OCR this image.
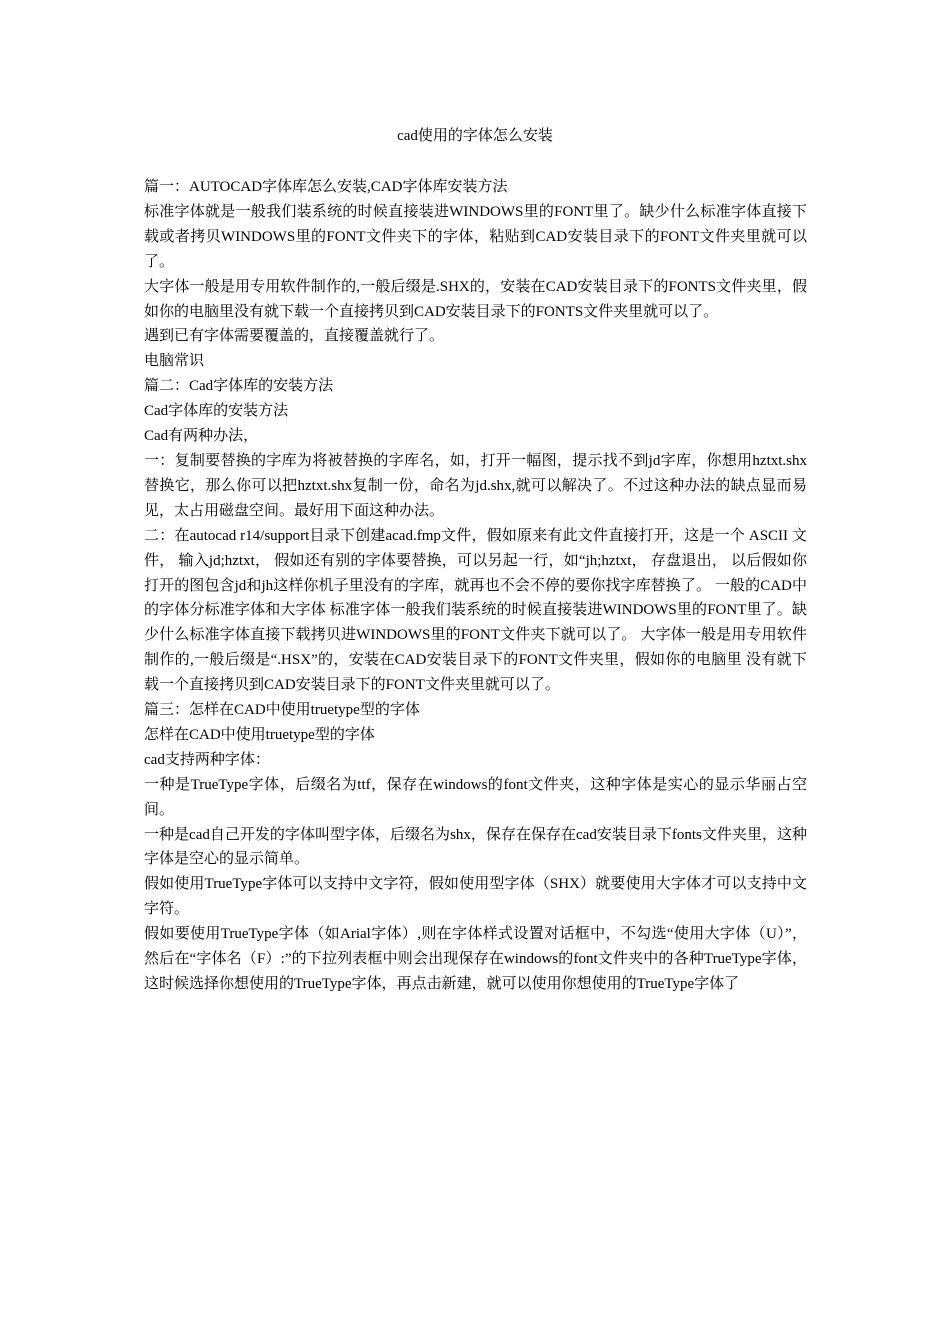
cad使用的字体怎么安装

篇一：AUTOCAD字体库怎么安装,CAD字体库安装方法

标准字体就是一般我们装系统的时候直接装进WINDOWS里的FONT里了。缺少什么标准字体直接下载或者拷贝WINDOWS里的FONT文件夹下的字体，粘贴到CAD安装目录下的FONT文件夹里就可以了。

大字体一般是用专用软件制作的,一般后缀是.SHX的，安装在CAD安装目录下的FONTS文件夹里，假如你的电脑里没有就下载一个直接拷贝到CAD安装目录下的FONTS文件夹里就可以了。

遇到已有字体需要覆盖的，直接覆盖就行了。

电脑常识

篇二：Cad字体库的安装方法

Cad字体库的安装方法

Cad有两种办法，

一：复制要替换的字库为将被替换的字库名，如，打开一幅图，提示找不到jd字库，你想用hztxt.shx替换它，那么你可以把hztxt.shx复制一份，命名为jd.shx,就可以解决了。不过这种办法的缺点显而易见，太占用磁盘空间。最好用下面这种办法。

二：在autocad r14/support目录下创建acad.fmp文件，假如原来有此文件直接打开，这是一个 ASCII 文件， 输入jd;hztxt， 假如还有别的字体要替换，可以另起一行，如“jh;hztxt， 存盘退出， 以后假如你打开的图包含jd和jh这样你机子里没有的字库，就再也不会不停的要你找字库替换了。 一般的CAD中的字体分标准字体和大字体 标准字体一般我们装系统的时候直接装进WINDOWS里的FONT里了。缺少什么标准字体直接下载拷贝进WINDOWS里的FONT文件夹下就可以了。 大字体一般是用专用软件制作的,一般后缀是“.HSX”的，安装在CAD安装目录下的FONT文件夹里，假如你的电脑里 没有就下载一个直接拷贝到CAD安装目录下的FONT文件夹里就可以了。

篇三：怎样在CAD中使用truetype型的字体

怎样在CAD中使用truetype型的字体

cad支持两种字体：

一种是TrueType字体，后缀名为ttf，保存在windows的font文件夹，这种字体是实心的显示华丽占空间。

一种是cad自己开发的字体叫型字体，后缀名为shx，保存在保存在cad安装目录下fonts文件夹里，这种字体是空心的显示简单。

假如使用TrueType字体可以支持中文字符，假如使用型字体（SHX）就要使用大字体才可以支持中文字符。

假如要使用TrueType字体（如Arial字体）,则在字体样式设置对话框中，不勾选“使用大字体（U）”，然后在“字体名（F）:”的下拉列表框中则会出现保存在windows的font文件夹中的各种TrueType字体，这时候选择你想使用的TrueType字体，再点击新建，就可以使用你想使用的TrueType字体了
